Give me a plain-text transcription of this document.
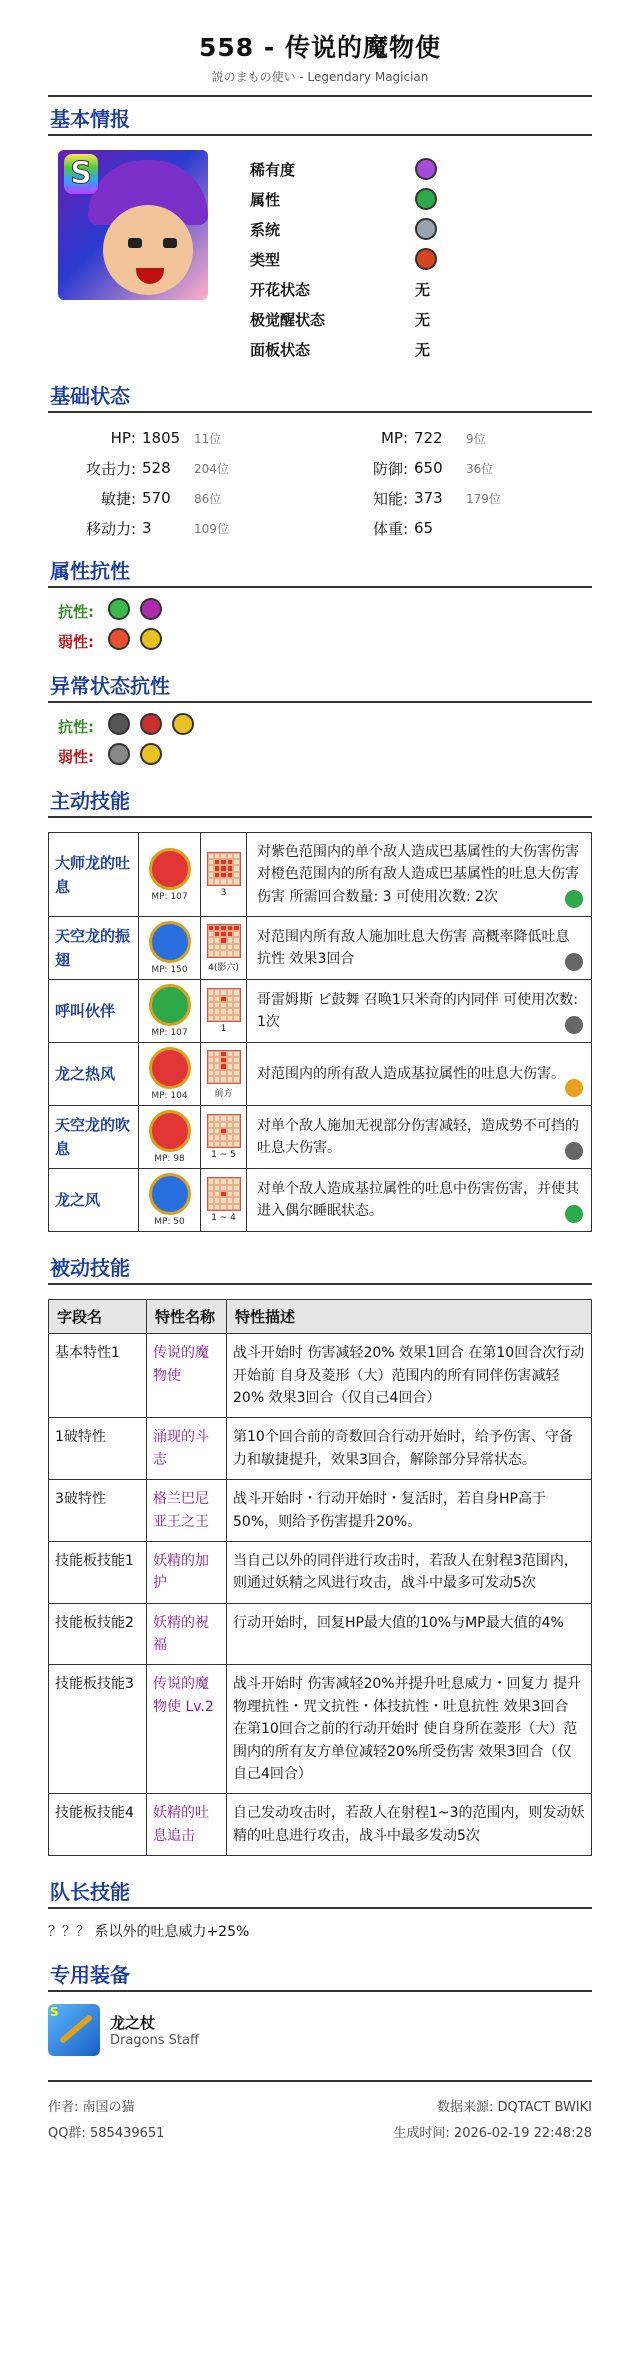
558 - 传说的魔物使
説のまもの使い - Legendary Magician
基本情报
S	稀有度
属性
系统
类型
开花状态	无
极觉醒状态	无
面板状态	无
基础状态
HP: 1805	11位	MP: 722	9位
攻击力: 528	204位	防御: 650	36位
敏捷: 570	86位	知能: 373	179位
移动力: 3	109位	体重: 65
属性抗性
抗性:
弱性:
异常状态抗性
抗性:
弱性:
主动技能
大师龙的吐息	MP: 107	3	对紫色范围内的单个敌人造成巴基属性的大伤害伤害 对橙色范围内的所有敌人造成巴基属性的吐息大伤害伤害 所需回合数量: 3 可使用次数: 2次

天空龙的振翅	MP: 150	4(影六)	对范围内所有敌人施加吐息大伤害 高概率降低吐息抗性 效果3回合

呼叫伙伴	MP: 107	1	哥雷姆斯 ピ鼓舞 召唤1只米奇的内同伴 可使用次数: 1次

龙之热风	MP: 104	前方	对范围内的所有敌人造成基拉属性的吐息大伤害。

天空龙的吹息	MP: 98	1 ~ 5	对单个敌人施加无视部分伤害减轻，造成势不可挡的吐息大伤害。

龙之风	MP: 50	1 ~ 4	对单个敌人造成基拉属性的吐息中伤害伤害，并使其进入偶尔睡眠状态。
被动技能
字段名	特性名称	特性描述
基本特性1	传说的魔物使	战斗开始时 伤害减轻20% 效果1回合 在第10回合次行动开始前 自身及菱形（大）范围内的所有同伴伤害减轻20% 效果3回合（仅自己4回合）
1破特性	涌现的斗志	第10个回合前的奇数回合行动开始时，给予伤害、守备力和敏捷提升，效果3回合，解除部分异常状态。
3破特性	格兰巴尼亚王之王	战斗开始时・行动开始时・复活时，若自身HP高于50%，则给予伤害提升20%。
技能板技能1	妖精的加护	当自己以外的同伴进行攻击时，若敌人在射程3范围内，则通过妖精之风进行攻击，战斗中最多可发动5次
技能板技能2	妖精的祝福	行动开始时，回复HP最大值的10%与MP最大值的4%
技能板技能3	传说的魔物使 Lv.2	战斗开始时 伤害减轻20%并提升吐息威力・回复力 提升物理抗性・咒文抗性・体技抗性・吐息抗性 效果3回合 在第10回合之前的行动开始时 使自身所在菱形（大）范围内的所有友方单位减轻20%所受伤害 效果3回合（仅自己4回合）
技能板技能4	妖精的吐息追击	自己发动攻击时，若敌人在射程1~3的范围内，则发动妖精的吐息进行攻击，战斗中最多发动5次
队长技能
？？？ 系以外的吐息威力+25%
专用装备
S
龙之杖
Dragons Staff
作者: 南国の猫	数据来源: DQTACT BWIKI
QQ群: 585439651	生成时间: 2026-02-19 22:48:28
